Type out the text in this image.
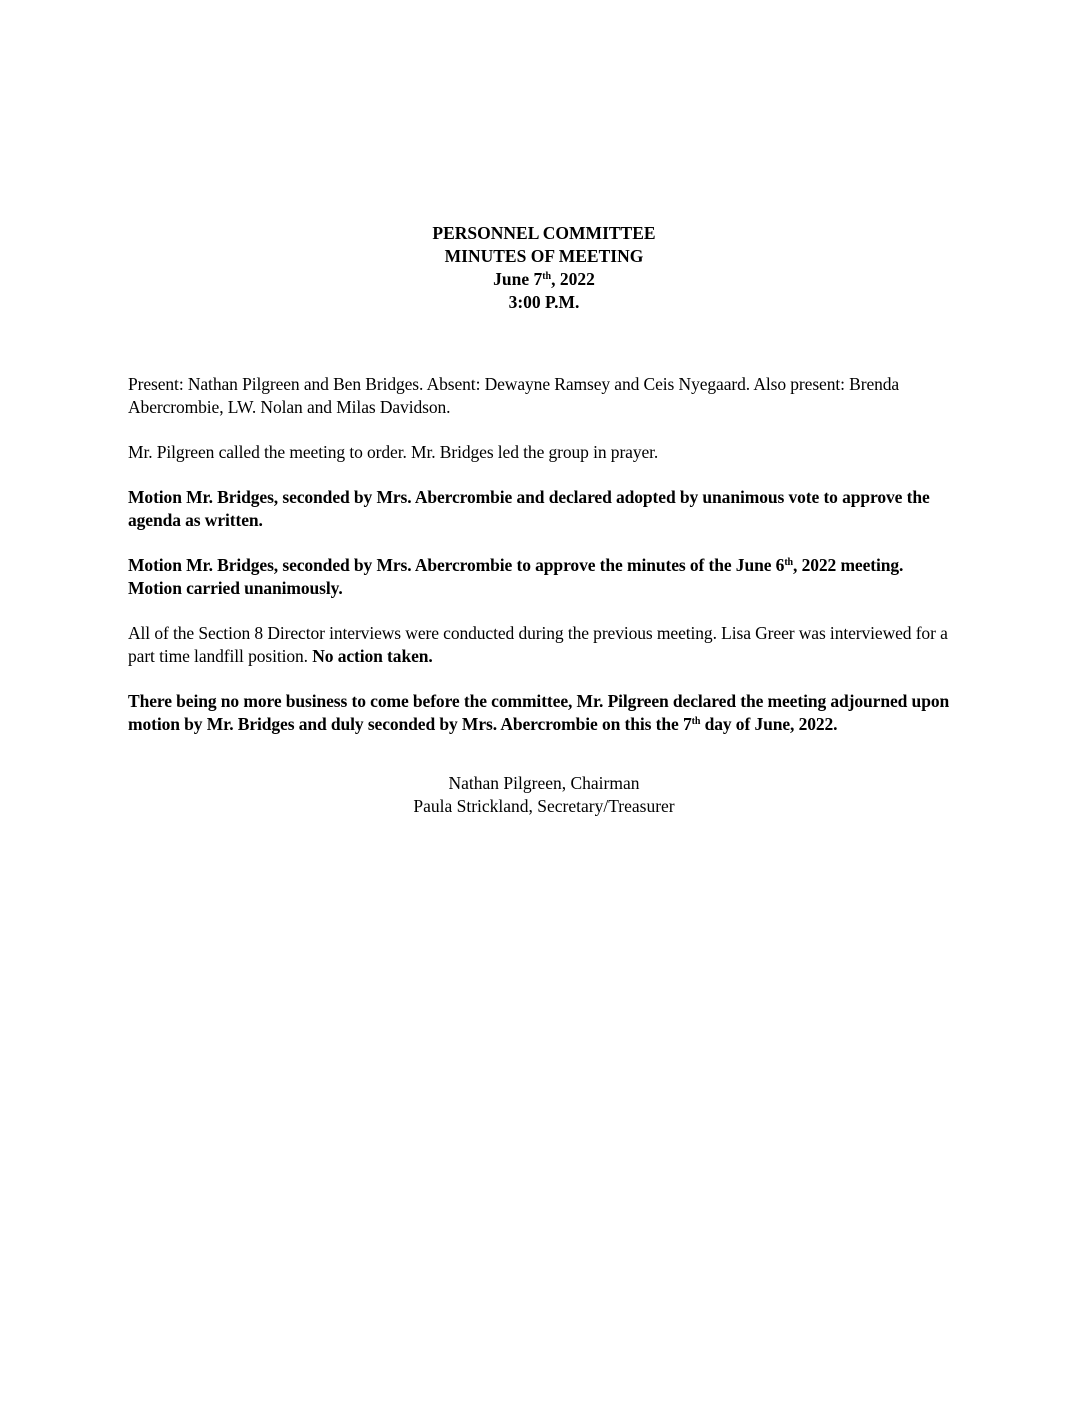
PERSONNEL COMMITTEE
MINUTES OF MEETING
June 7th, 2022
3:00 P.M.

Present: Nathan Pilgreen and Ben Bridges. Absent: Dewayne Ramsey and Ceis Nyegaard. Also present: Brenda Abercrombie, LW. Nolan and Milas Davidson.

Mr. Pilgreen called the meeting to order. Mr. Bridges led the group in prayer.

Motion Mr. Bridges, seconded by Mrs. Abercrombie and declared adopted by unanimous vote to approve the agenda as written.

Motion Mr. Bridges, seconded by Mrs. Abercrombie to approve the minutes of the June 6th, 2022 meeting. Motion carried unanimously.

All of the Section 8 Director interviews were conducted during the previous meeting. Lisa Greer was interviewed for a part time landfill position. No action taken.

There being no more business to come before the committee, Mr. Pilgreen declared the meeting adjourned upon motion by Mr. Bridges and duly seconded by Mrs. Abercrombie on this the 7th day of June, 2022.

Nathan Pilgreen, Chairman
Paula Strickland, Secretary/Treasurer
